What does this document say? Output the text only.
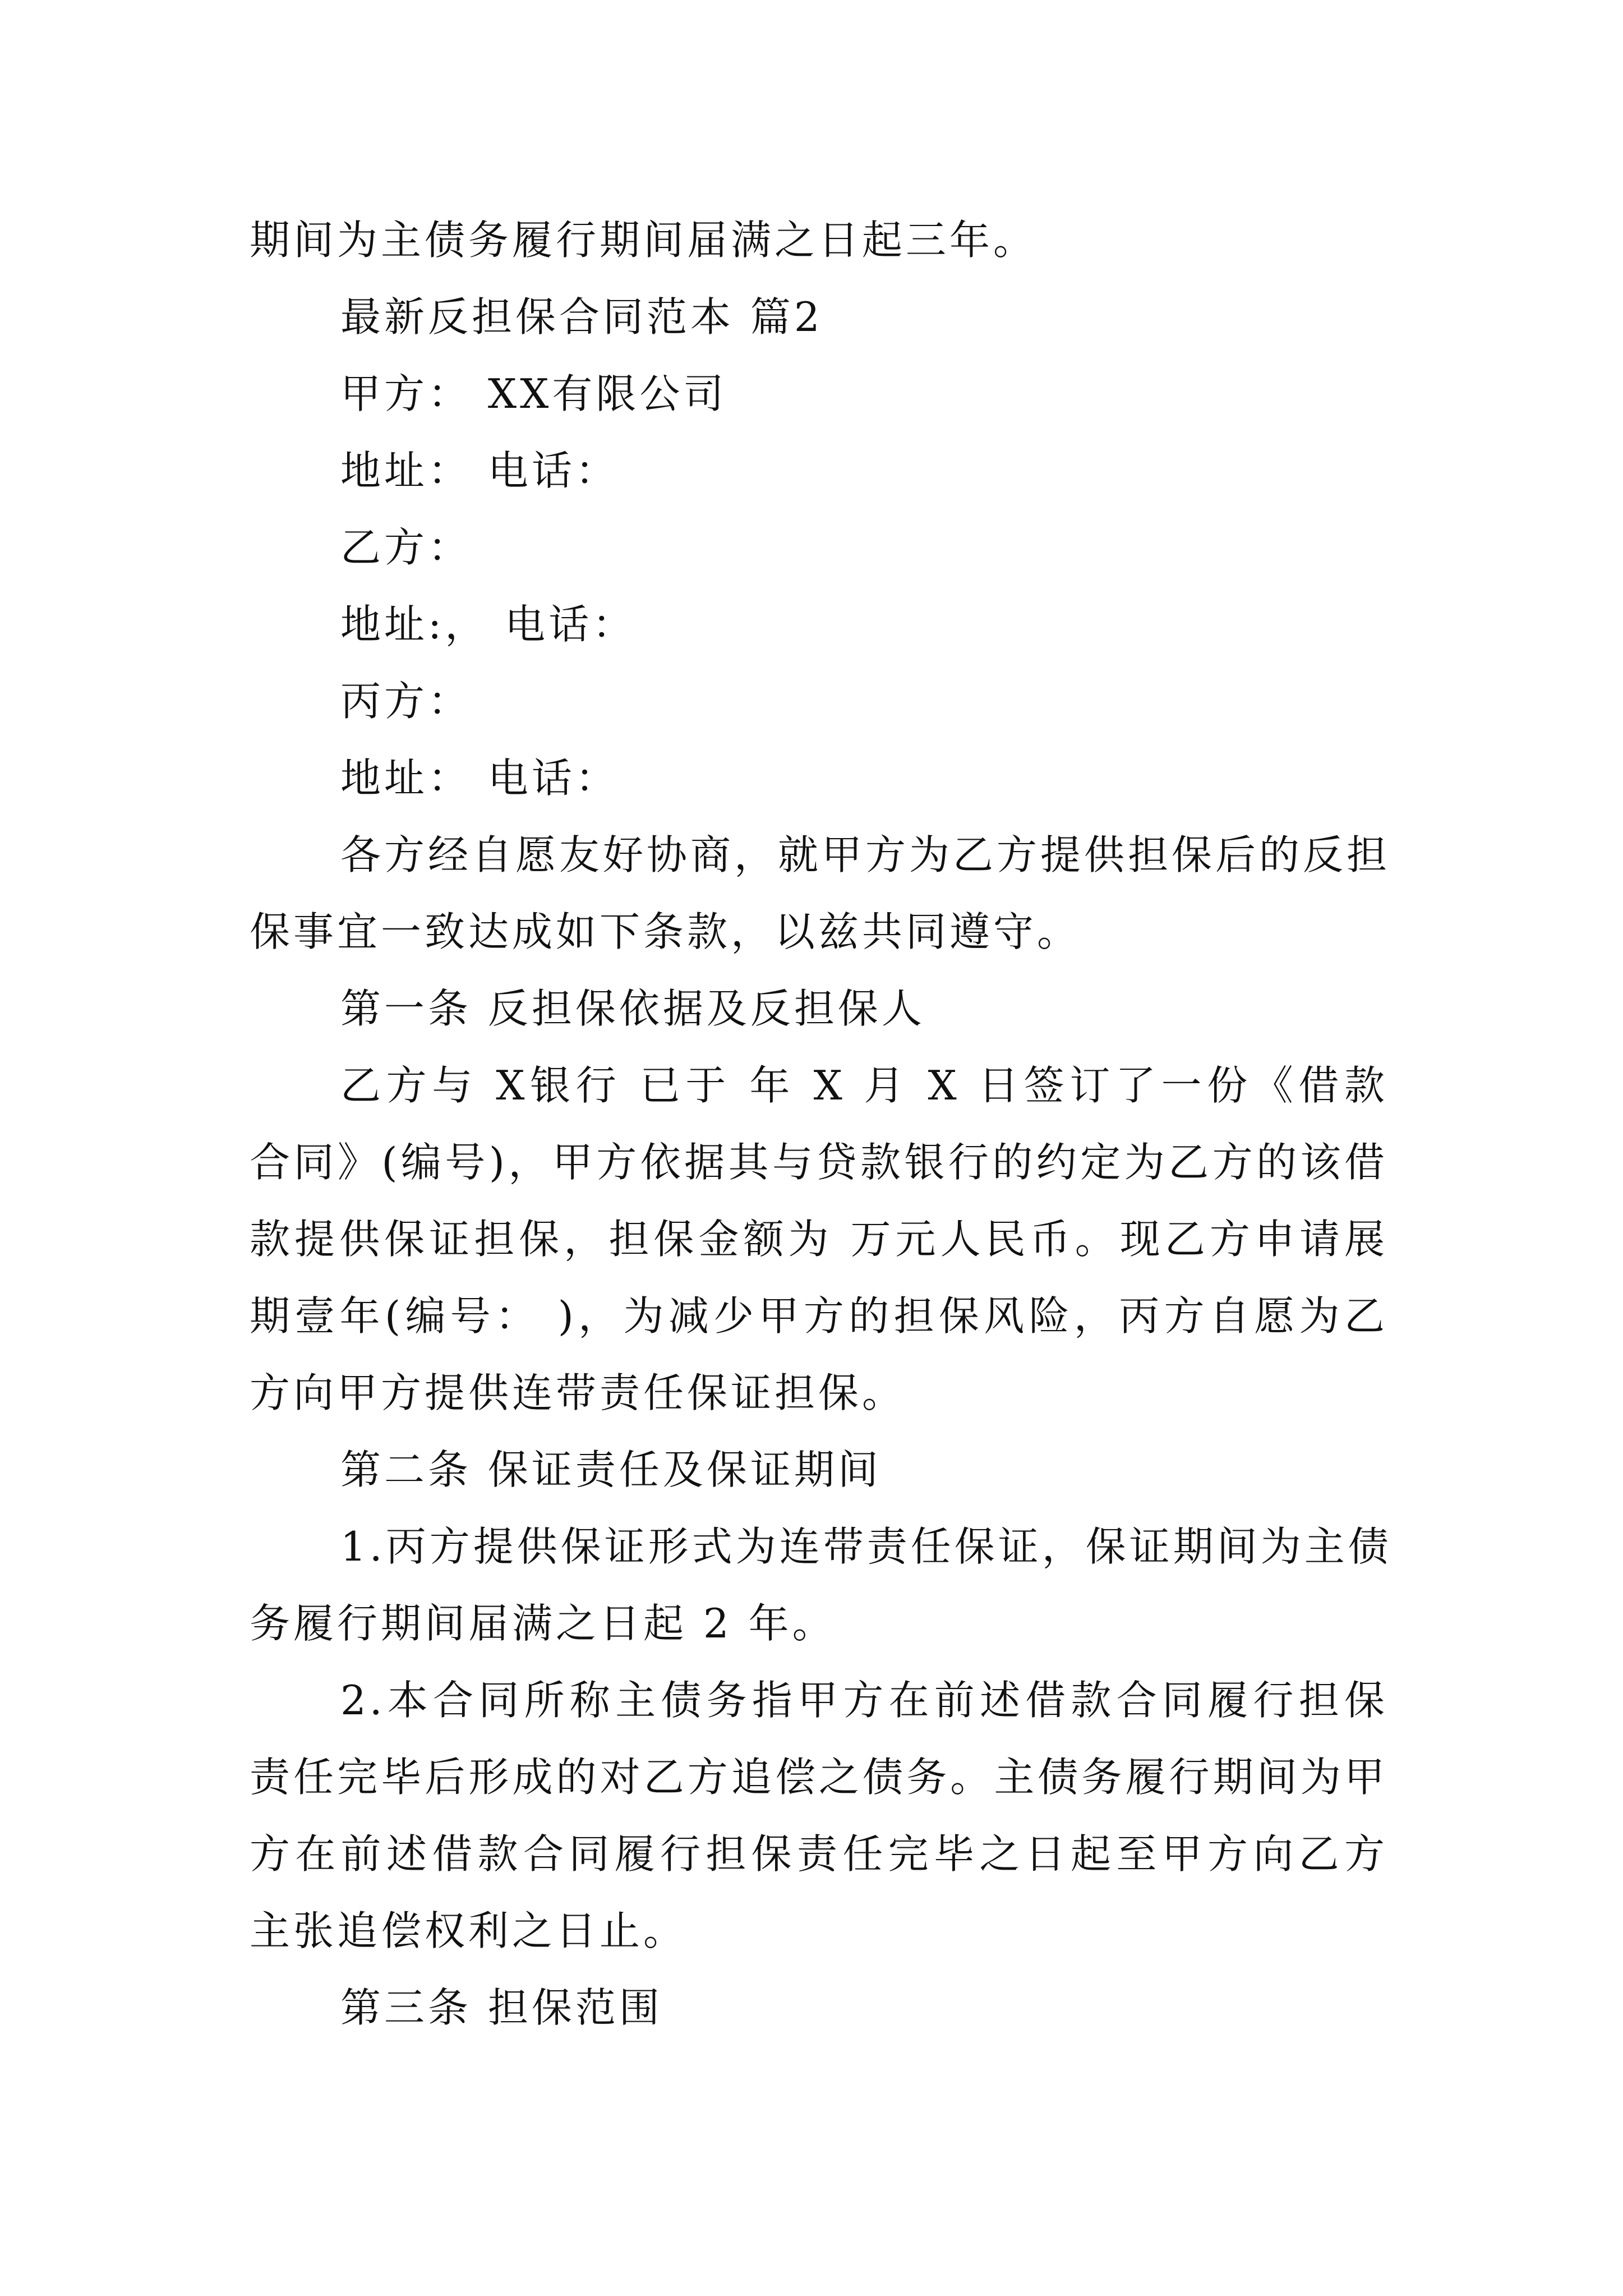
期间为主债务履行期间届满之日起三年。
最新反担保合同范本 篇2
甲方： XX有限公司
地址： 电话：
乙方：
地址:， 电话：
丙方：
地址： 电话：
各方经自愿友好协商，就甲方为乙方提供担保后的反担
保事宜一致达成如下条款，以兹共同遵守。
第一条 反担保依据及反担保人
乙方与 X银行 已于 年 X 月 X 日签订了一份《借款
合同》(编号)，甲方依据其与贷款银行的约定为乙方的该借
款提供保证担保，担保金额为 万元人民币。现乙方申请展
期壹年(编号： )，为减少甲方的担保风险，丙方自愿为乙
方向甲方提供连带责任保证担保。
第二条 保证责任及保证期间
1.丙方提供保证形式为连带责任保证，保证期间为主债
务履行期间届满之日起 2 年。
2.本合同所称主债务指甲方在前述借款合同履行担保
责任完毕后形成的对乙方追偿之债务。主债务履行期间为甲
方在前述借款合同履行担保责任完毕之日起至甲方向乙方
主张追偿权利之日止。
第三条 担保范围
